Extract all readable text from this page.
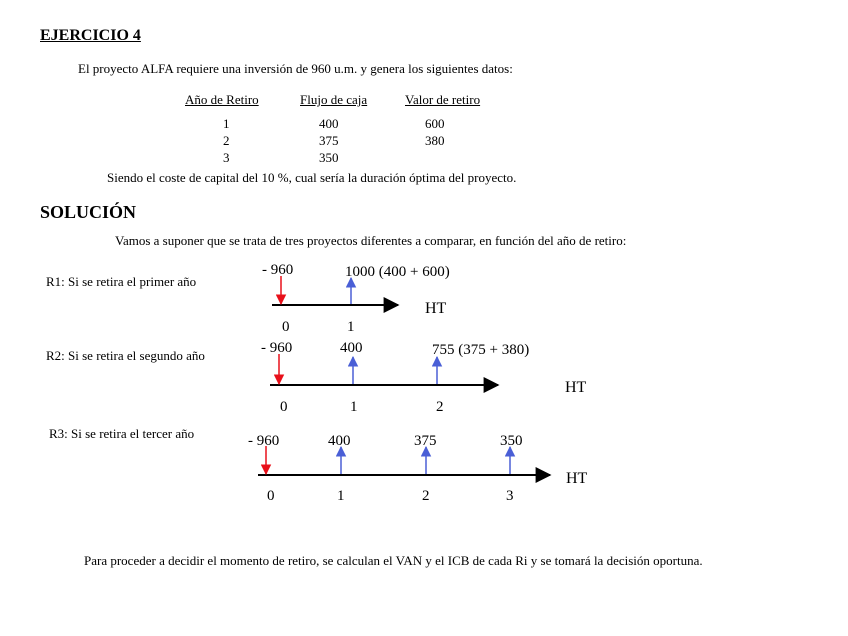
EJERCICIO 4
El proyecto ALFA requiere una inversión de 960 u.m. y genera los siguientes datos:
Año de Retiro	Flujo de caja	Valor de retiro
1	400	600
2	375	380
3	350
Siendo el coste de capital del 10 %, cual sería la duración óptima del proyecto.
SOLUCIÓN
Vamos a suponer que se trata de tres proyectos diferentes a comparar, en función del año de retiro:
R1: Si se retira el primer año
R2: Si se retira el segundo año
R3: Si se retira el tercer año
HT
- 960	1000 (400 + 600)
0	1
HT
- 960	400	755 (375 + 380)
0	1	2
HT
- 960	400	375	350
0	1	2	3
Para proceder a decidir el momento de retiro, se calculan el VAN y el ICB de cada Ri y se tomará la decisión oportuna.
